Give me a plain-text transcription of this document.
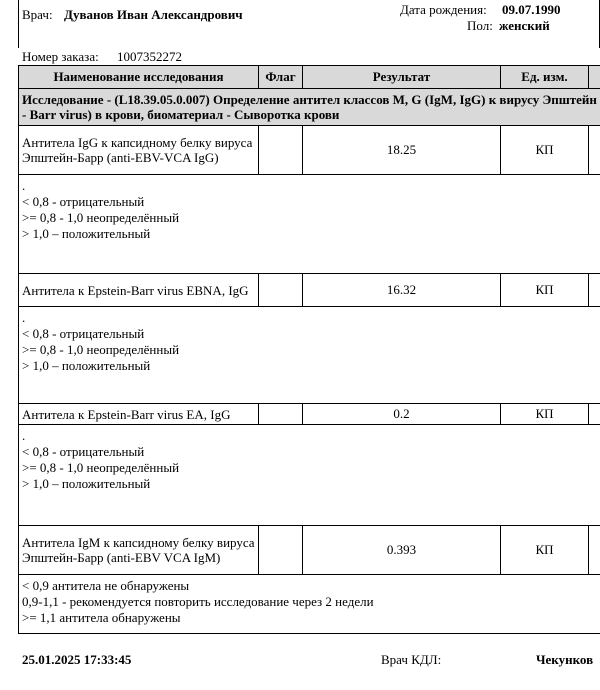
Врач: Дуванов Иван Александрович	Дата рождения: 09.07.1990
Пол: женский
Номер заказа: 1007352272
Наименование исследования	Флаг	Результат	Ед. изм.	

Исследование - (L18.39.05.0.007) Определение антител классов M, G (IgM, IgG) к вирусу Эпштейн
- Barr virus) в крови, биоматериал - Сыворотка крови				

Антитела IgG к капсидному белку вируса Эпштейн-Барр (anti-EBV-VCA IgG)		18.25	КП	

.
< 0,8 - отрицательный
>= 0,8 - 1,0 неопределённый
> 1,0 – положительный				

Антитела к Epstein-Barr virus EBNA, IgG		16.32	КП	

.
< 0,8 - отрицательный
>= 0,8 - 1,0 неопределённый
> 1,0 – положительный				

Антитела к Epstein-Barr virus EA, IgG		0.2	КП	

.
< 0,8 - отрицательный
>= 0,8 - 1,0 неопределённый
> 1,0 – положительный				

Антитела IgM к капсидному белку вируса Эпштейн-Барр (anti-EBV VCA IgM)		0.393	КП	

< 0,9 антитела не обнаружены
0,9-1,1 - рекомендуется повторить исследование через 2 недели
>= 1,1 антитела обнаружены				
25.01.2025 17:33:45	Врач КДЛ:	Чекунков
